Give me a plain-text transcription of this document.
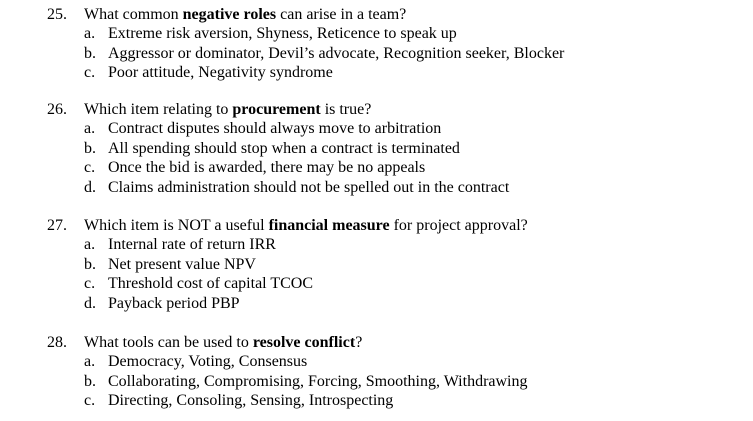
25. What common negative roles can arise in a team?
a. Extreme risk aversion, Shyness, Reticence to speak up
b. Aggressor or dominator, Devil’s advocate, Recognition seeker, Blocker
c. Poor attitude, Negativity syndrome
26. Which item relating to procurement is true?
a. Contract disputes should always move to arbitration
b. All spending should stop when a contract is terminated
c. Once the bid is awarded, there may be no appeals
d. Claims administration should not be spelled out in the contract
27. Which item is NOT a useful financial measure for project approval?
a. Internal rate of return IRR
b. Net present value NPV
c. Threshold cost of capital TCOC
d. Payback period PBP
28. What tools can be used to resolve conflict?
a. Democracy, Voting, Consensus
b. Collaborating, Compromising, Forcing, Smoothing, Withdrawing
c. Directing, Consoling, Sensing, Introspecting
